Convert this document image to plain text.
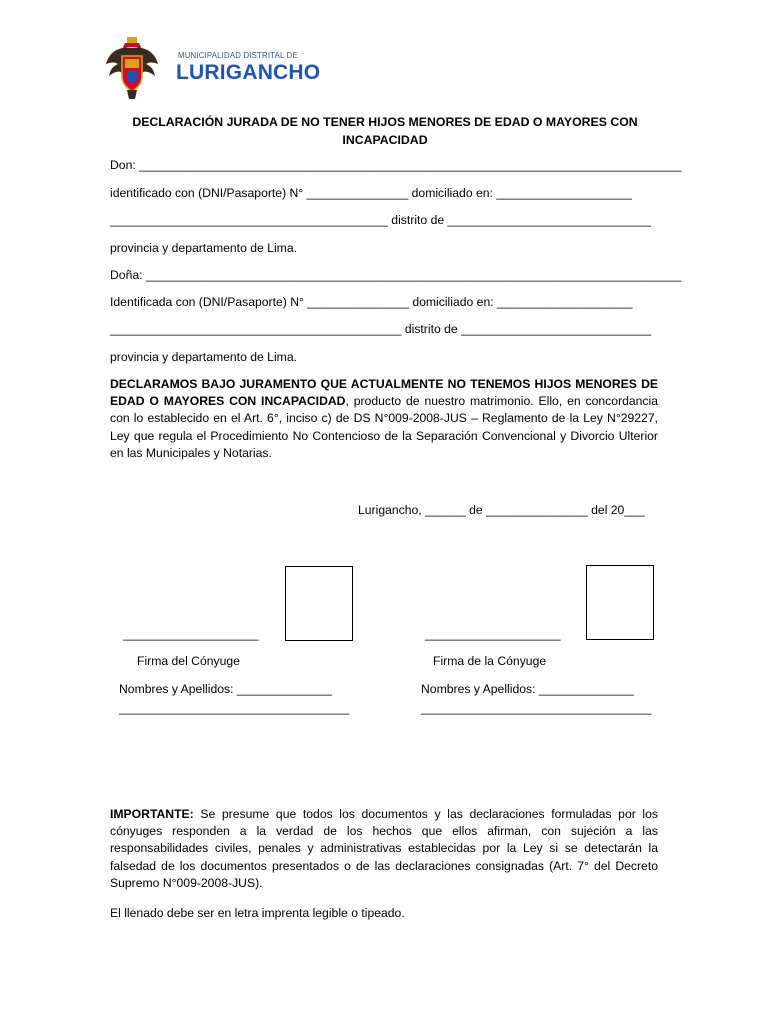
MUNICIPALIDAD DISTRITAL DE
LURIGANCHO
DECLARACIÓN JURADA DE NO TENER HIJOS MENORES DE EDAD O MAYORES CON
INCAPACIDAD
Don: ________________________________________________________________________________
identificado con (DNI/Pasaporte) N° _______________ domiciliado en: ____________________
_________________________________________ distrito de ______________________________
provincia y departamento de Lima.
Doña: _______________________________________________________________________________
Identificada con (DNI/Pasaporte) N° _______________ domiciliado en: ____________________
___________________________________________ distrito de ____________________________
provincia y departamento de Lima.
DECLARAMOS BAJO JURAMENTO QUE ACTUALMENTE NO TENEMOS HIJOS MENORES DE EDAD O MAYORES CON INCAPACIDAD, producto de nuestro matrimonio. Ello, en concordancia con lo establecido en el Art. 6°, inciso c) de DS N°009-2008-JUS – Reglamento de la Ley N°29227, Ley que regula el Procedimiento No Contencioso de la Separación Convencional y Divorcio Ulterior en las Municipales y Notarias.
Lurigancho, ______ de _______________ del 20___
____________________
Firma del Cónyuge
Nombres y Apellidos: ______________
__________________________________
____________________
Firma de la Cónyuge
Nombres y Apellidos: ______________
__________________________________
IMPORTANTE: Se presume que todos los documentos y las declaraciones formuladas por los cónyuges responden a la verdad de los hechos que ellos afirman, con sujeción a las responsabilidades civiles, penales y administrativas establecidas por la Ley si se detectarán la falsedad de los documentos presentados o de las declaraciones consignadas (Art. 7° del Decreto Supremo N°009-2008-JUS).
El llenado debe ser en letra imprenta legible o tipeado.
